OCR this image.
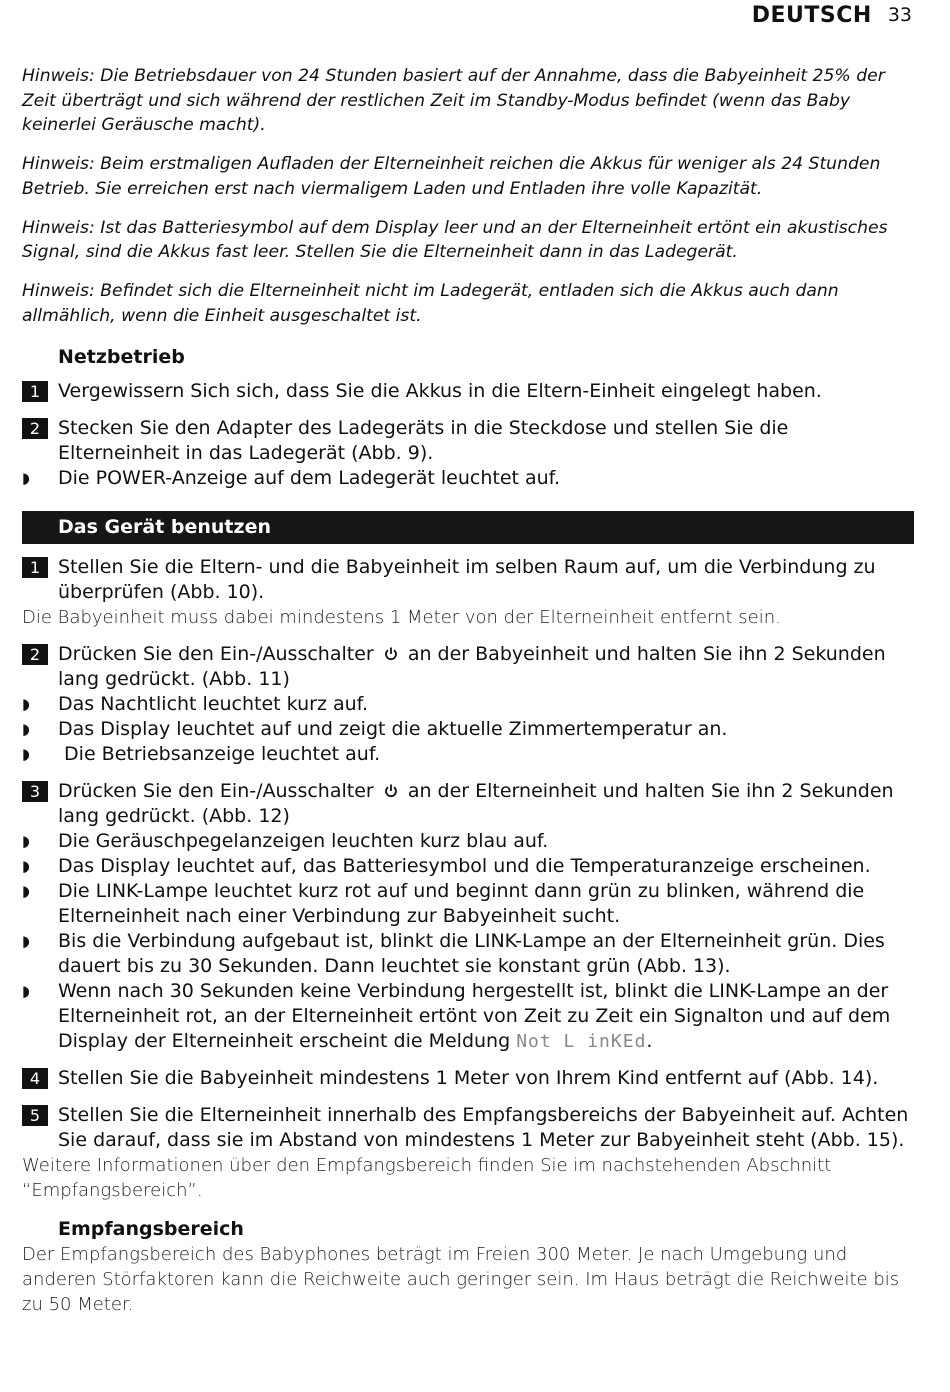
DEUTSCH 33

Hinweis: Die Betriebsdauer von 24 Stunden basiert auf der Annahme, dass die Babyeinheit 25% der Zeit überträgt und sich während der restlichen Zeit im Standby-Modus befindet (wenn das Baby keinerlei Geräusche macht).

Hinweis: Beim erstmaligen Aufladen der Elterneinheit reichen die Akkus für weniger als 24 Stunden Betrieb. Sie erreichen erst nach viermaligem Laden und Entladen ihre volle Kapazität.

Hinweis: Ist das Batteriesymbol auf dem Display leer und an der Elterneinheit ertönt ein akustisches Signal, sind die Akkus fast leer. Stellen Sie die Elterneinheit dann in das Ladegerät.

Hinweis: Befindet sich die Elterneinheit nicht im Ladegerät, entladen sich die Akkus auch dann allmählich, wenn die Einheit ausgeschaltet ist.

Netzbetrieb
1 Vergewissern Sich sich, dass Sie die Akkus in die Eltern-Einheit eingelegt haben.
2 Stecken Sie den Adapter des Ladegeräts in die Steckdose und stellen Sie die Elterneinheit in das Ladegerät (Abb. 9).

◗ Die POWER-Anzeige auf dem Ladegerät leuchtet auf.

Das Gerät benutzen
1 Stellen Sie die Eltern- und die Babyeinheit im selben Raum auf, um die Verbindung zu überprüfen (Abb. 10).

Die Babyeinheit muss dabei mindestens 1 Meter von der Elterneinheit entfernt sein.

2 Drücken Sie den Ein-/Ausschalter an der Babyeinheit und halten Sie ihn 2 Sekunden lang gedrückt. (Abb. 11)

◗ Das Nachtlicht leuchtet kurz auf.

◗ Das Display leuchtet auf und zeigt die aktuelle Zimmertemperatur an.

◗ Die Betriebsanzeige leuchtet auf.

3 Drücken Sie den Ein-/Ausschalter an der Elterneinheit und halten Sie ihn 2 Sekunden lang gedrückt. (Abb. 12)

◗ Die Geräuschpegelanzeigen leuchten kurz blau auf.

◗ Das Display leuchtet auf, das Batteriesymbol und die Temperaturanzeige erscheinen.

◗ Die LINK-Lampe leuchtet kurz rot auf und beginnt dann grün zu blinken, während die Elterneinheit nach einer Verbindung zur Babyeinheit sucht.

◗ Bis die Verbindung aufgebaut ist, blinkt die LINK-Lampe an der Elterneinheit grün. Dies dauert bis zu 30 Sekunden. Dann leuchtet sie konstant grün (Abb. 13).

◗ Wenn nach 30 Sekunden keine Verbindung hergestellt ist, blinkt die LINK-Lampe an der Elterneinheit rot, an der Elterneinheit ertönt von Zeit zu Zeit ein Signalton und auf dem Display der Elterneinheit erscheint die Meldung Not L inKEd.

4 Stellen Sie die Babyeinheit mindestens 1 Meter von Ihrem Kind entfernt auf (Abb. 14).
5 Stellen Sie die Elterneinheit innerhalb des Empfangsbereichs der Babyeinheit auf. Achten Sie darauf, dass sie im Abstand von mindestens 1 Meter zur Babyeinheit steht (Abb. 15).

Weitere Informationen über den Empfangsbereich finden Sie im nachstehenden Abschnitt “Empfangsbereich”.

Empfangsbereich

Der Empfangsbereich des Babyphones beträgt im Freien 300 Meter. Je nach Umgebung und anderen Störfaktoren kann die Reichweite auch geringer sein. Im Haus beträgt die Reichweite bis zu 50 Meter.
